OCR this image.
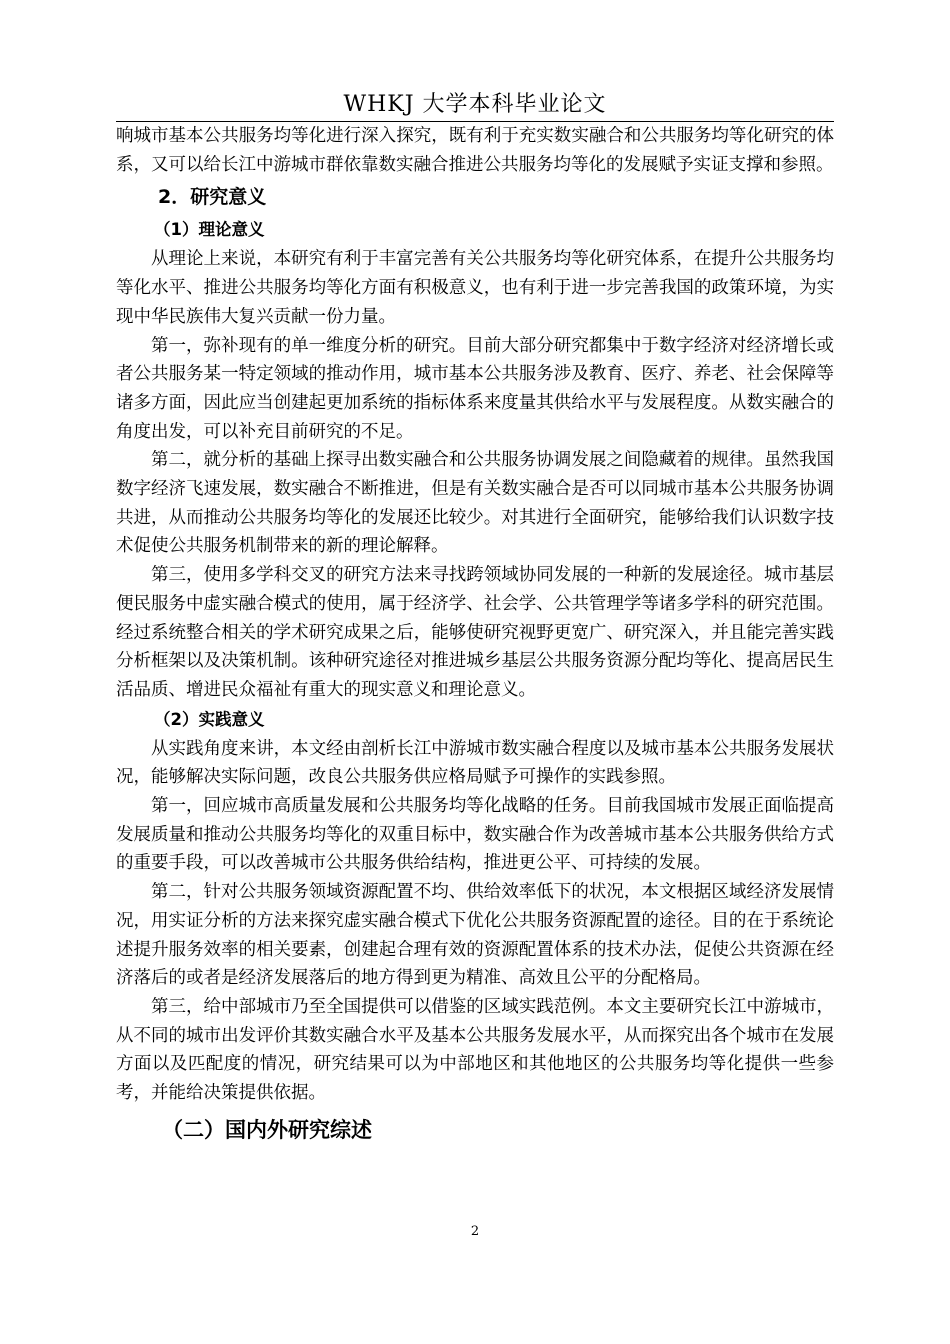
WHKJ 大学本科毕业论文

响城市基本公共服务均等化进行深入探究，既有利于充实数实融合和公共服务均等化研究的体系，又可以给长江中游城市群依靠数实融合推进公共服务均等化的发展赋予实证支撑和参照。

2．研究意义
（1）理论意义

从理论上来说，本研究有利于丰富完善有关公共服务均等化研究体系，在提升公共服务均等化水平、推进公共服务均等化方面有积极意义，也有利于进一步完善我国的政策环境，为实现中华民族伟大复兴贡献一份力量。

第一，弥补现有的单一维度分析的研究。目前大部分研究都集中于数字经济对经济增长或者公共服务某一特定领域的推动作用，城市基本公共服务涉及教育、医疗、养老、社会保障等诸多方面，因此应当创建起更加系统的指标体系来度量其供给水平与发展程度。从数实融合的角度出发，可以补充目前研究的不足。

第二，就分析的基础上探寻出数实融合和公共服务协调发展之间隐藏着的规律。虽然我国数字经济飞速发展，数实融合不断推进，但是有关数实融合是否可以同城市基本公共服务协调共进，从而推动公共服务均等化的发展还比较少。对其进行全面研究，能够给我们认识数字技术促使公共服务机制带来的新的理论解释。

第三，使用多学科交叉的研究方法来寻找跨领域协同发展的一种新的发展途径。城市基层便民服务中虚实融合模式的使用，属于经济学、社会学、公共管理学等诸多学科的研究范围。经过系统整合相关的学术研究成果之后，能够使研究视野更宽广、研究深入，并且能完善实践分析框架以及决策机制。该种研究途径对推进城乡基层公共服务资源分配均等化、提高居民生活品质、增进民众福祉有重大的现实意义和理论意义。

（2）实践意义

从实践角度来讲，本文经由剖析长江中游城市数实融合程度以及城市基本公共服务发展状况，能够解决实际问题，改良公共服务供应格局赋予可操作的实践参照。

第一，回应城市高质量发展和公共服务均等化战略的任务。目前我国城市发展正面临提高发展质量和推动公共服务均等化的双重目标中，数实融合作为改善城市基本公共服务供给方式的重要手段，可以改善城市公共服务供给结构，推进更公平、可持续的发展。

第二，针对公共服务领域资源配置不均、供给效率低下的状况，本文根据区域经济发展情况，用实证分析的方法来探究虚实融合模式下优化公共服务资源配置的途径。目的在于系统论述提升服务效率的相关要素，创建起合理有效的资源配置体系的技术办法，促使公共资源在经济落后的或者是经济发展落后的地方得到更为精准、高效且公平的分配格局。

第三，给中部城市乃至全国提供可以借鉴的区域实践范例。本文主要研究长江中游城市，从不同的城市出发评价其数实融合水平及基本公共服务发展水平，从而探究出各个城市在发展方面以及匹配度的情况，研究结果可以为中部地区和其他地区的公共服务均等化提供一些参考，并能给决策提供依据。

（二）国内外研究综述
2
